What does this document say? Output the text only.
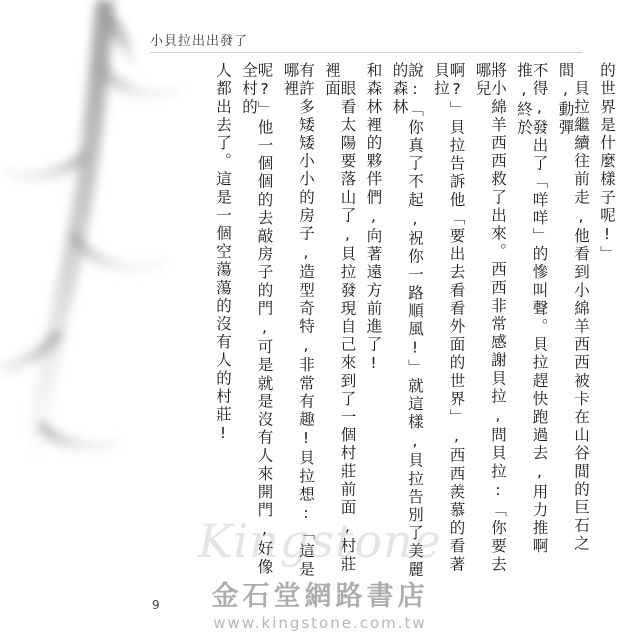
小貝拉出出發了
的世界是什麼樣子呢!」
　貝拉繼續往前走,他看到小綿羊西西被卡在山谷間的巨石之間,動彈
不得,發出了「咩咩」的慘叫聲。貝拉趕快跑過去,用力推啊推,終於
將小綿羊西西救了出來。西西非常感謝貝拉,問貝拉:「你要去哪兒
啊?」貝拉告訴他「要出去看看外面的世界」,西西羨慕的看著貝拉
說:「你真了不起,祝你一路順風!」就這樣,貝拉告別了美麗的森林
和森林裡的夥伴們,向著遠方前進了!
　眼看太陽要落山了,貝拉發現自己來到了一個村莊前面,村莊裡面
有許多矮矮小小的房子,造型奇特,非常有趣!貝拉想:「這是哪裡
呢?」他一個個的去敲房子的門,可是就是沒有人來開門,好像全村的
人都出去了。這是一個空蕩蕩的沒有人的村莊!
9
Kingstone
金石堂網路書店
www.kingstone.com.tw
